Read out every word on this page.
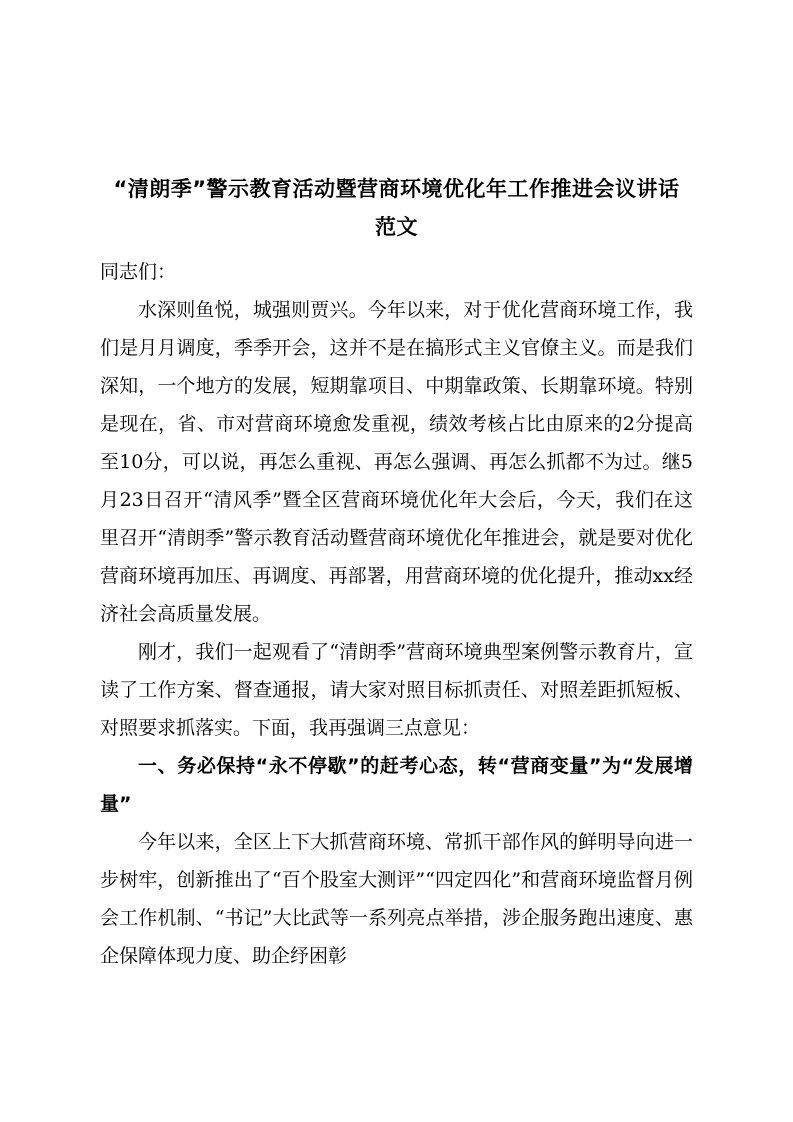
“清朗季”警示教育活动暨营商环境优化年工作推进会议讲话
范文

同志们：

水深则鱼悦，城强则贾兴。今年以来，对于优化营商环境工作，我们是月月调度，季季开会，这并不是在搞形式主义官僚主义。而是我们深知，一个地方的发展，短期靠项目、中期靠政策、长期靠环境。特别是现在，省、市对营商环境愈发重视，绩效考核占比由原来的2分提高至10分，可以说，再怎么重视、再怎么强调、再怎么抓都不为过。继5月23日召开“清风季”暨全区营商环境优化年大会后，今天，我们在这里召开“清朗季”警示教育活动暨营商环境优化年推进会，就是要对优化营商环境再加压、再调度、再部署，用营商环境的优化提升，推动xx经济社会高质量发展。

刚才，我们一起观看了“清朗季”营商环境典型案例警示教育片，宣读了工作方案、督查通报，请大家对照目标抓责任、对照差距抓短板、对照要求抓落实。下面，我再强调三点意见：

一、务必保持“永不停歇”的赶考心态，转“营商变量”为“发展增量”

今年以来，全区上下大抓营商环境、常抓干部作风的鲜明导向进一步树牢，创新推出了“百个股室大测评”“四定四化”和营商环境监督月例会工作机制、“书记”大比武等一系列亮点举措，涉企服务跑出速度、惠企保障体现力度、助企纾困彰
